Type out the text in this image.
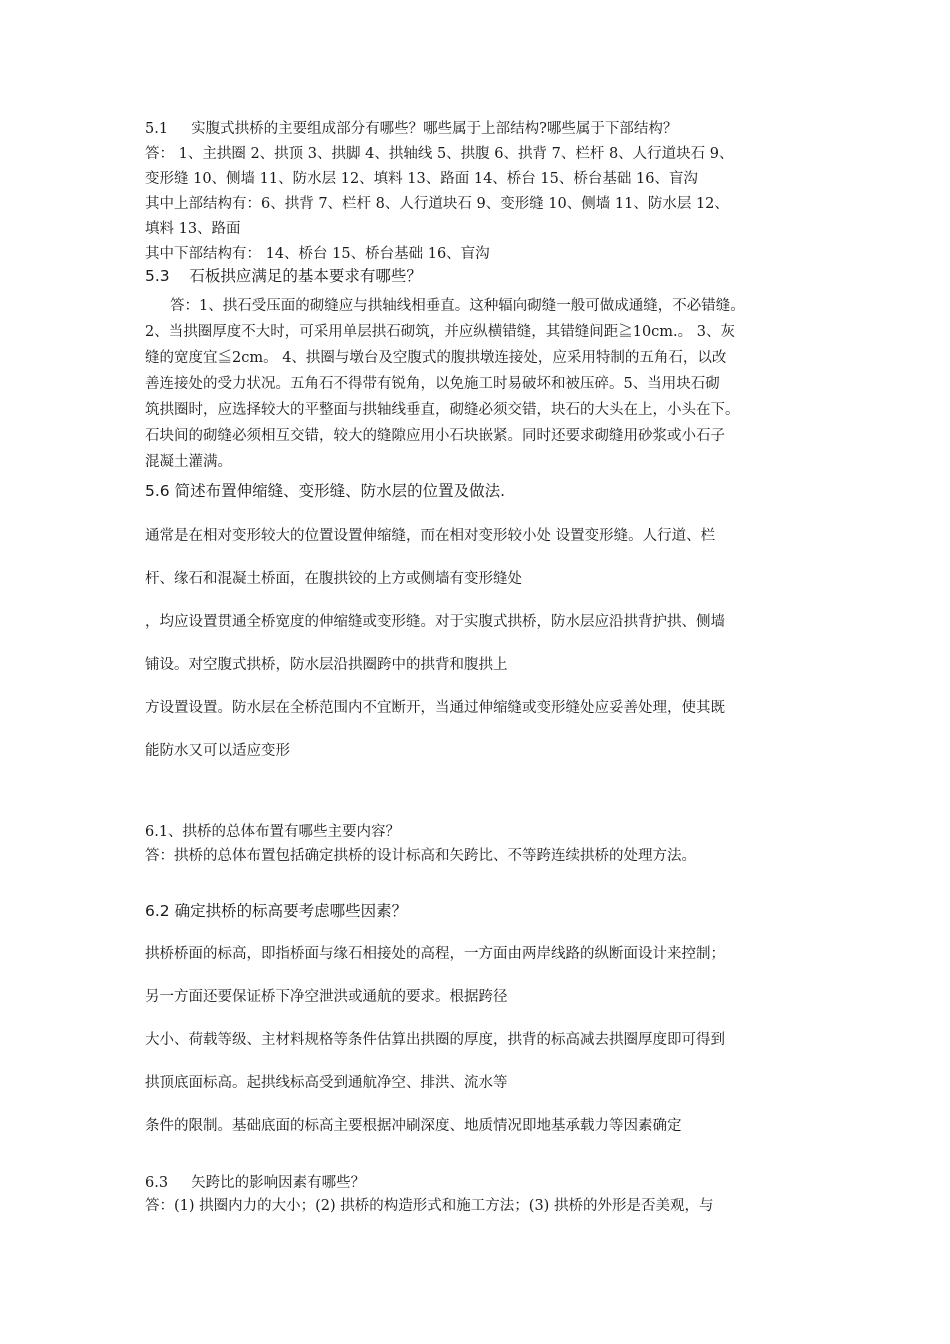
5.1     实腹式拱桥的主要组成部分有哪些？哪些属于上部结构?哪些属于下部结构？

答： 1、主拱圈 2、拱顶 3、拱脚 4、拱轴线 5、拱腹 6、拱背 7、栏杆 8、人行道块石 9、

变形缝 10、侧墙 11、防水层 12、填料 13、路面 14、桥台 15、桥台基础 16、盲沟

其中上部结构有：6、拱背 7、栏杆 8、人行道块石 9、变形缝 10、侧墙 11、防水层 12、

填料 13、路面

其中下部结构有： 14、桥台 15、桥台基础 16、盲沟

5.3    石板拱应满足的基本要求有哪些？

答：1、拱石受压面的砌缝应与拱轴线相垂直。这种辐向砌缝一般可做成通缝，不必错缝。

2、当拱圈厚度不大时，可采用单层拱石砌筑，并应纵横错缝，其错缝间距≧10cm.。 3、灰

缝的宽度宜≦2cm。 4、拱圈与墩台及空腹式的腹拱墩连接处，应采用特制的五角石，以改

善连接处的受力状况。五角石不得带有锐角，以免施工时易破坏和被压碎。5、当用块石砌

筑拱圈时，应选择较大的平整面与拱轴线垂直，砌缝必须交错，块石的大头在上，小头在下。

石块间的砌缝必须相互交错，较大的缝隙应用小石块嵌紧。同时还要求砌缝用砂浆或小石子

混凝土灌满。

5.6 简述布置伸缩缝、变形缝、防水层的位置及做法.

通常是在相对变形较大的位置设置伸缩缝，而在相对变形较小处 设置变形缝。人行道、栏

杆、缘石和混凝土桥面，在腹拱铰的上方或侧墙有变形缝处

，均应设置贯通全桥宽度的伸缩缝或变形缝。对于实腹式拱桥，防水层应沿拱背护拱、侧墙

铺设。对空腹式拱桥，防水层沿拱圈跨中的拱背和腹拱上

方设置设置。防水层在全桥范围内不宜断开，当通过伸缩缝或变形缝处应妥善处理，使其既

能防水又可以适应变形

6.1、拱桥的总体布置有哪些主要内容？

答：拱桥的总体布置包括确定拱桥的设计标高和矢跨比、不等跨连续拱桥的处理方法。

6.2 确定拱桥的标高要考虑哪些因素？

拱桥桥面的标高，即指桥面与缘石相接处的高程，一方面由两岸线路的纵断面设计来控制；

另一方面还要保证桥下净空泄洪或通航的要求。根据跨径

大小、荷载等级、主材料规格等条件估算出拱圈的厚度，拱背的标高减去拱圈厚度即可得到

拱顶底面标高。起拱线标高受到通航净空、排洪、流水等

条件的限制。基础底面的标高主要根据冲刷深度、地质情况即地基承载力等因素确定

6.3     矢跨比的影响因素有哪些？

答：(1) 拱圈内力的大小；(2) 拱桥的构造形式和施工方法；(3) 拱桥的外形是否美观，与
